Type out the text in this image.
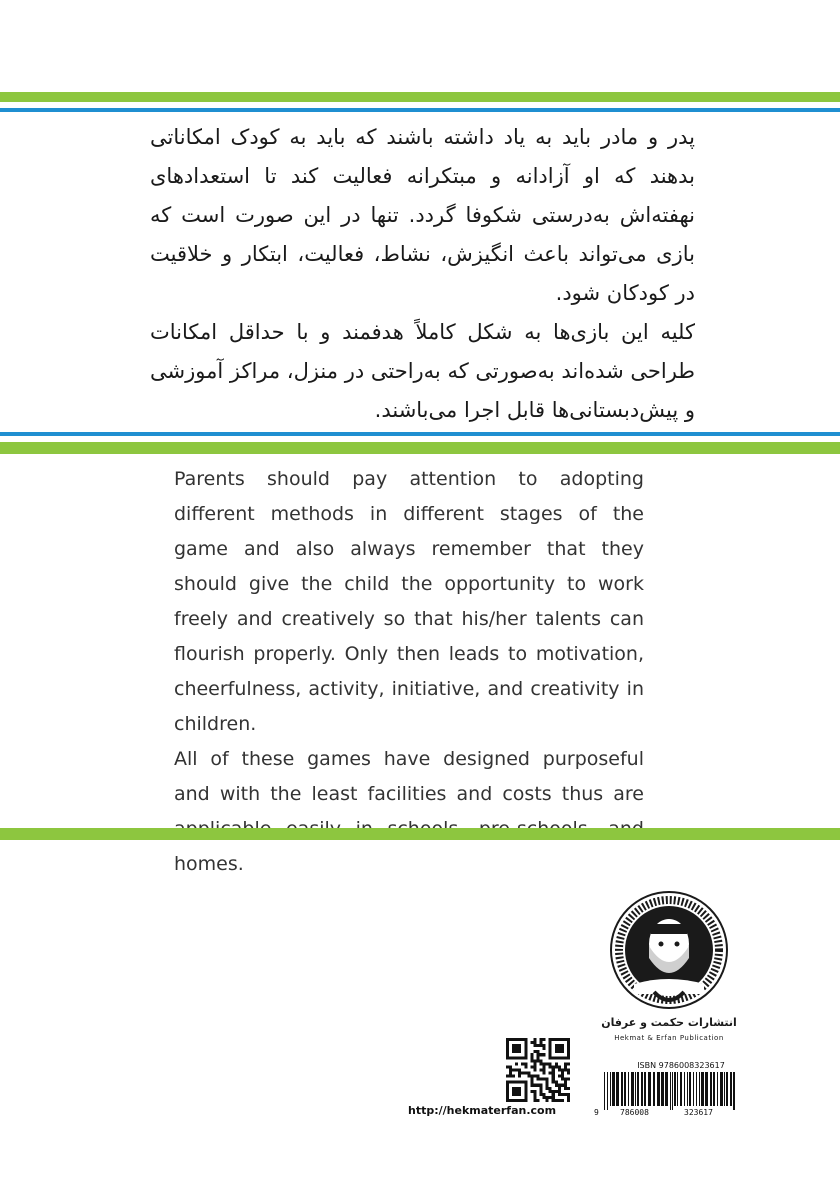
پدر و مادر باید به یاد داشته باشند که باید به کودک امکاناتی بدهند که او آزادانه و مبتکرانه فعالیت کند تا استعدادهای نهفته‌اش به‌درستی شکوفا گردد. تنها در این صورت است که بازی می‌تواند باعث انگیزش، نشاط، فعالیت، ابتکار و خلاقیت در کودکان شود.

کلیه این بازی‌ها به شکل کاملاً هدفمند و با حداقل امکانات طراحی شده‌اند به‌صورتی که به‌راحتی در منزل، مراکز آموزشی و پیش‌دبستانی‌ها قابل اجرا می‌باشند.

Parents should pay attention to adopting different methods in different stages of the game and also always remember that they should give the child the opportunity to work freely and creatively so that his/her talents can flourish properly. Only then leads to motivation, cheerfulness, activity, initiative, and creativity in children.

All of these games have designed purposeful and with the least facilities and costs thus are homes.

انتشارات حکمت و عرفان
Hekmat & Erfan Publication
http://hekmaterfan.com
ISBN 9786008323617
9	786008	323617
